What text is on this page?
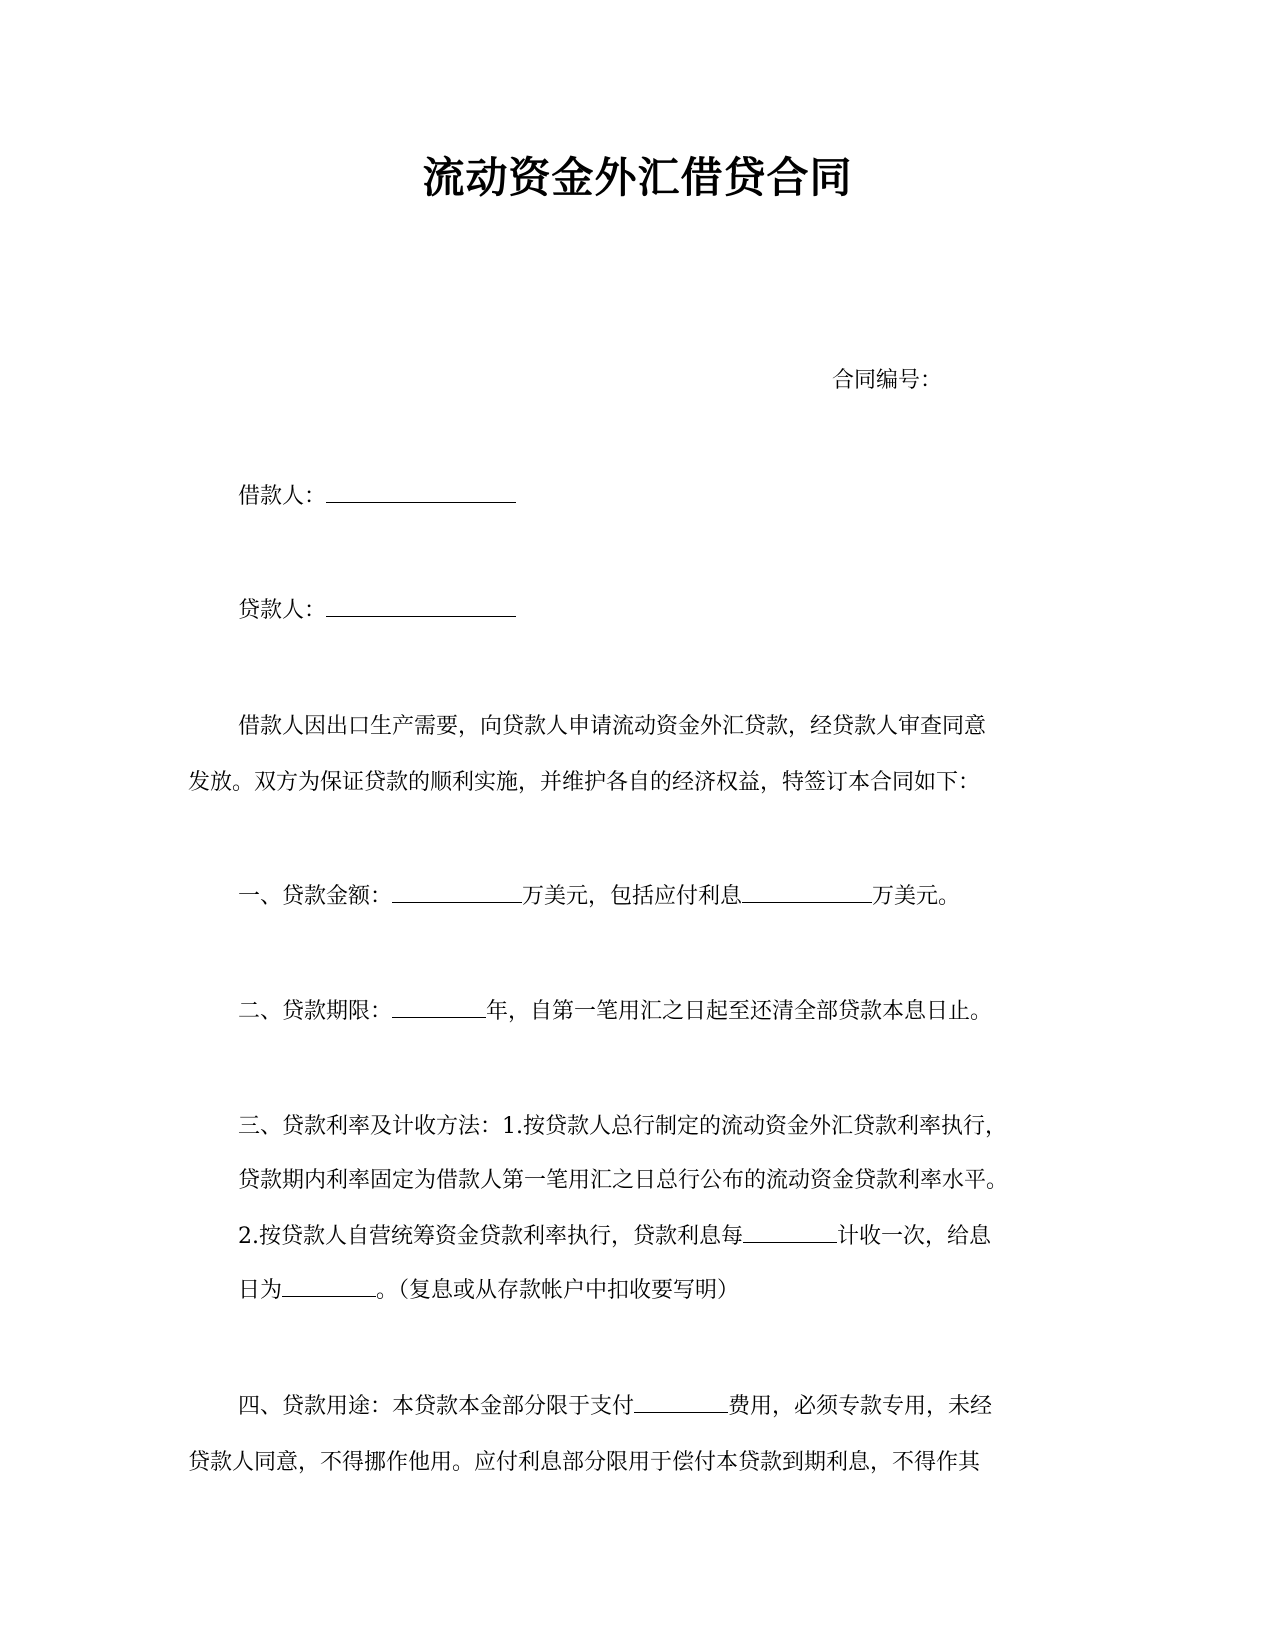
流动资金外汇借贷合同
合同编号：
借款人：
贷款人：
借款人因出口生产需要，向贷款人申请流动资金外汇贷款，经贷款人审查同意
发放。双方为保证贷款的顺利实施，并维护各自的经济权益，特签订本合同如下：
一、贷款金额：	万美元，包括应付利息	万美元。
二、贷款期限：	年，自第一笔用汇之日起至还清全部贷款本息日止。
三、贷款利率及计收方法：1.按贷款人总行制定的流动资金外汇贷款利率执行，
贷款期内利率固定为借款人第一笔用汇之日总行公布的流动资金贷款利率水平。
2.按贷款人自营统筹资金贷款利率执行，贷款利息每	计收一次，给息
日为	。（复息或从存款帐户中扣收要写明）
四、贷款用途：本贷款本金部分限于支付	费用，必须专款专用，未经
贷款人同意，不得挪作他用。应付利息部分限用于偿付本贷款到期利息，不得作其
